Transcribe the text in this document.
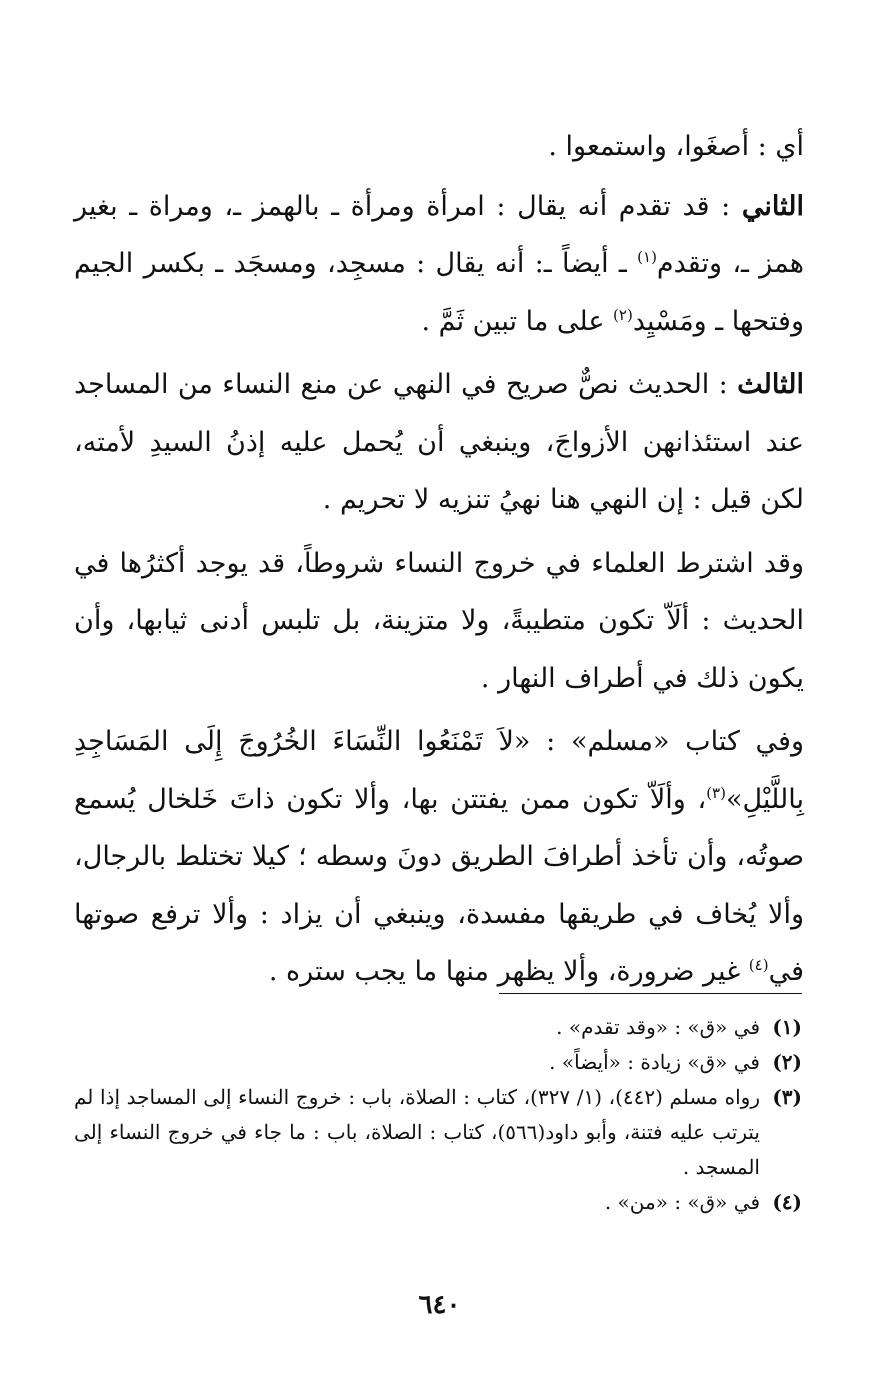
أي : أصغَوا، واستمعوا .

الثاني : قد تقدم أنه يقال : امرأة ومرأة ـ بالهمز ـ، ومراة ـ بغير همز ـ، وتقدم$^{(١)}$ ـ أيضاً ـ: أنه يقال : مسجِد، ومسجَد ـ بكسر الجيم وفتحها ـ ومَسْيِد$^{(٢)}$ على ما تبين ثَمَّ .

الثالث : الحديث نصٌّ صريح في النهي عن منع النساء من المساجد عند استئذانهن الأزواجَ، وينبغي أن يُحمل عليه إذنُ السيدِ لأمته، لكن قيل : إن النهي هنا نهيُ تنزيه لا تحريم .

وقد اشترط العلماء في خروج النساء شروطاً، قد يوجد أكثرُها في الحديث : ألَاّ تكون متطيبةً، ولا متزينة، بل تلبس أدنى ثيابها، وأن يكون ذلك في أطراف النهار .

وفي كتاب «مسلم» : «لاَ تَمْنَعُوا النِّسَاءَ الخُرُوجَ إِلَى المَسَاجِدِ بِاللَّيْلِ»$^{(٣)}$، وألَاّ تكون ممن يفتتن بها، وألا تكون ذاتَ خَلخال يُسمع صوتُه، وأن تأخذ أطرافَ الطريق دونَ وسطه ؛ كيلا تختلط بالرجال، وألا يُخاف في طريقها مفسدة، وينبغي أن يزاد : وألا ترفع صوتها في$^{(٤)}$ غير ضرورة، وألا يظهر منها ما يجب ستره .

(١)
في «ق» : «وقد تقدم» .
(٢)
في «ق» زيادة : «أيضاً» .
(٣)
رواه مسلم (٤٤٢)، (١/ ٣٢٧)، كتاب : الصلاة، باب : خروج النساء إلى المساجد إذا لم يترتب عليه فتنة، وأبو داود(٥٦٦)، كتاب : الصلاة، باب : ما جاء في خروج النساء إلى المسجد .
(٤)
في «ق» : «من» .
٦٤٠
